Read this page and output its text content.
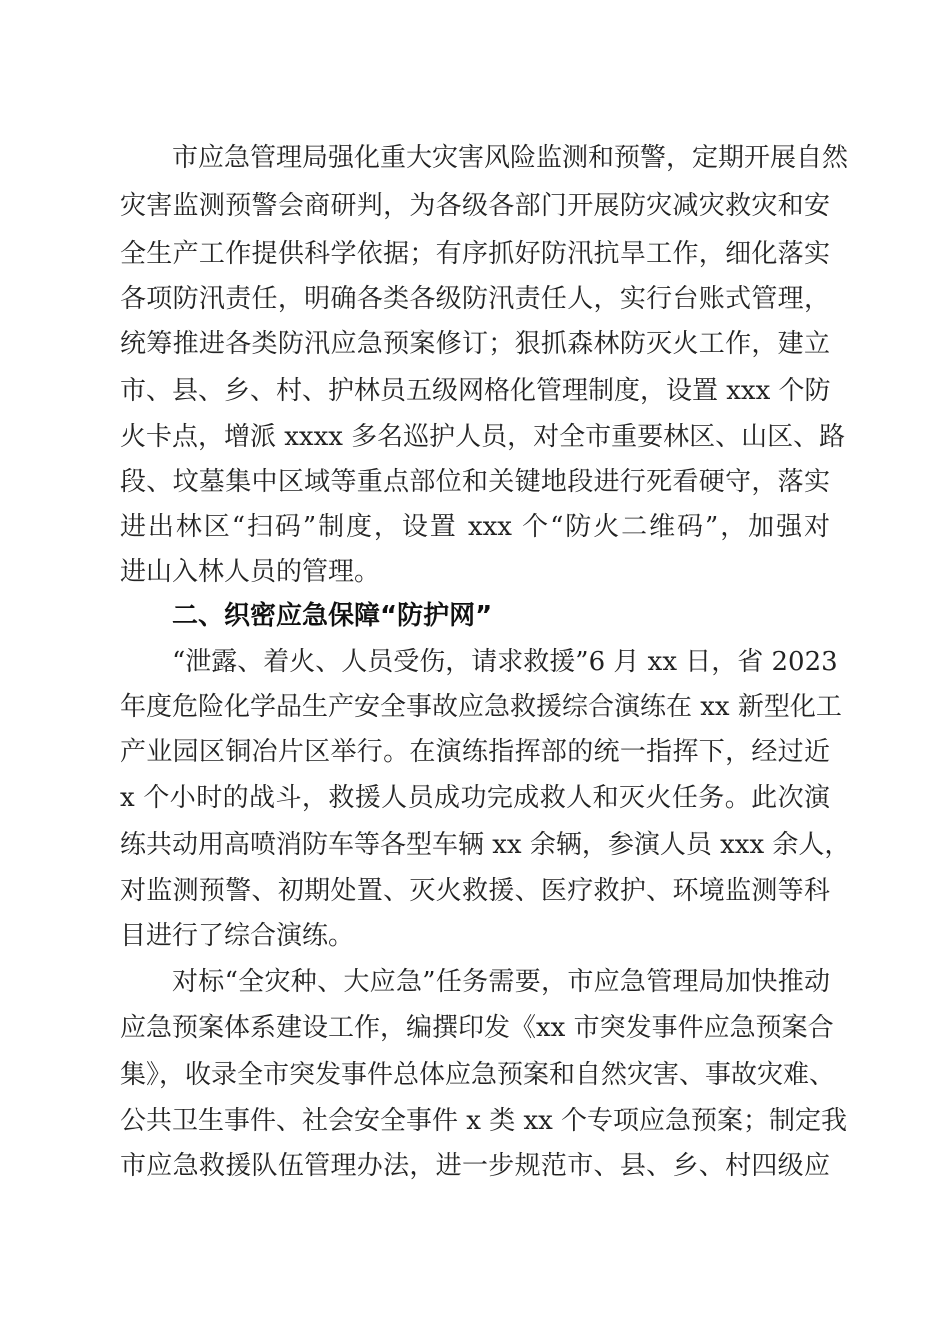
市应急管理局强化重大灾害风险监测和预警，定期开展自然
灾害监测预警会商研判，为各级各部门开展防灾减灾救灾和安
全生产工作提供科学依据；有序抓好防汛抗旱工作，细化落实
各项防汛责任，明确各类各级防汛责任人，实行台账式管理，
统筹推进各类防汛应急预案修订；狠抓森林防灭火工作，建立
市、县、乡、村、护林员五级网格化管理制度，设置 xxx 个防
火卡点，增派 xxxx 多名巡护人员，对全市重要林区、山区、路
段、坟墓集中区域等重点部位和关键地段进行死看硬守，落实
进出林区“扫码”制度，设置 xxx 个“防火二维码”，加强对
进山入林人员的管理。
二、织密应急保障“防护网”
“泄露、着火、人员受伤，请求救援”6 月 xx 日，省 2023
年度危险化学品生产安全事故应急救援综合演练在 xx 新型化工
产业园区铜冶片区举行。在演练指挥部的统一指挥下，经过近
x 个小时的战斗，救援人员成功完成救人和灭火任务。此次演
练共动用高喷消防车等各型车辆 xx 余辆，参演人员 xxx 余人，
对监测预警、初期处置、灭火救援、医疗救护、环境监测等科
目进行了综合演练。
对标“全灾种、大应急”任务需要，市应急管理局加快推动
应急预案体系建设工作，编撰印发《xx 市突发事件应急预案合
集》，收录全市突发事件总体应急预案和自然灾害、事故灾难、
公共卫生事件、社会安全事件 x 类 xx 个专项应急预案；制定我
市应急救援队伍管理办法，进一步规范市、县、乡、村四级应
